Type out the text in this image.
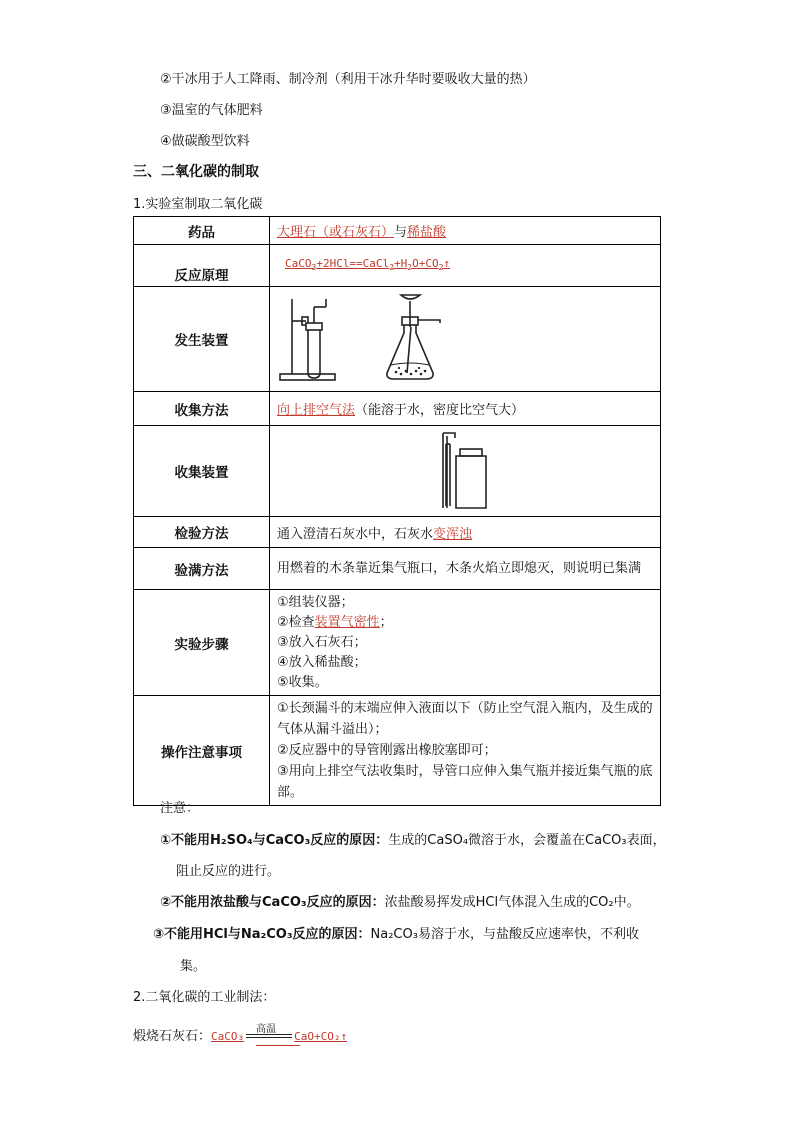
②干冰用于人工降雨、制冷剂（利用干冰升华时要吸收大量的热）
③温室的气体肥料
④做碳酸型饮料
三、二氧化碳的制取
1.实验室制取二氧化碳
药品	大理石（或石灰石）与稀盐酸
反应原理	$CaCO_3+2HCl==CaCl_2+H_2O+CO_2↑$
发生装置	
收集方法	向上排空气法（能溶于水，密度比空气大）
收集装置	
检验方法	通入澄清石灰水中，石灰水变浑浊
验满方法	用燃着的木条靠近集气瓶口，木条火焰立即熄灭，则说明已集满
实验步骤	①组装仪器；
②检查装置气密性；
③放入石灰石；
④放入稀盐酸；
⑤收集。

操作注意事项	①长颈漏斗的末端应伸入液面以下（防止空气混入瓶内，及生成的气体从漏斗溢出）；
②反应器中的导管刚露出橡胶塞即可；
③用向上排空气法收集时，导管口应伸入集气瓶并接近集气瓶的底部。
注意：
①不能用H₂SO₄与CaCO₃反应的原因：生成的CaSO₄微溶于水，会覆盖在CaCO₃表面，
阻止反应的进行。
②不能用浓盐酸与CaCO₃反应的原因：浓盐酸易挥发成HCl气体混入生成的CO₂中。
③不能用HCl与Na₂CO₃反应的原因：Na₂CO₃易溶于水，与盐酸反应速率快，不利收
集。
2.二氧化碳的工业制法：
煅烧石灰石：CaCO₃
高温
CaO+CO₂↑
